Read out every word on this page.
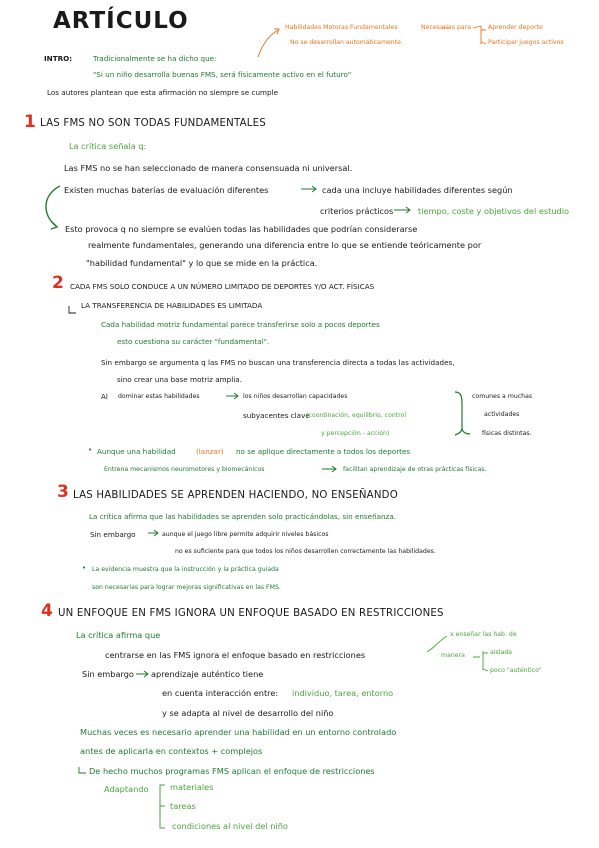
ARTÍCULO	Habilidades Motoras Fundamentales	Necesarias para	Aprender deporte
Participar juegos activos
No se desarrollan automáticamente.
INTRO:	Tradicionalmente se ha dicho que:
"Si un niño desarrolla buenas FMS, será físicamente activo en el futuro"
Los autores plantean que esta afirmación no siempre se cumple
1 LAS FMS NO SON TODAS FUNDAMENTALES
La crítica señala q:
Las FMS no se han seleccionado de manera consensuada ni universal.
Existen muchas baterías de evaluación diferentes	cada una incluye habilidades diferentes según
criterios prácticos	tiempo, coste y objetivos del estudio
Esto provoca q no siempre se evalúen todas las habilidades que podrían considerarse
realmente fundamentales, generando una diferencia entre lo que se entiende teóricamente por
"habilidad fundamental" y lo que se mide en la práctica.
2 CADA FMS SOLO CONDUCE A UN NÚMERO LIMITADO DE DEPORTES Y/O ACT. FÍSICAS
LA TRANSFERENCIA DE HABILIDADES ES LIMITADA
Cada habilidad motriz fundamental parece transferirse solo a pocos deportes
esto cuestiona su carácter "fundamental".
Sin embargo se argumenta q las FMS no buscan una transferencia directa a todas las actividades,
sino crear una base motriz amplia.
Al dominar estas habilidades	los niños desarrollan capacidades
subyacentes clave
(coordinación, equilibrio, control
y percepción - acción)
comunes a muchas
actividades
físicas distintas.
• Aunque una habilidad	(lanzar) no se aplique directamente a todos los deportes
Entrena mecanismos neuromotores y biomecánicos	facilitan aprendizaje de otras prácticas físicas.
3 LAS HABILIDADES SE APRENDEN HACIENDO, NO ENSEÑANDO
La crítica afirma que las habilidades se aprenden solo practicándolas, sin enseñanza.
Sin embargo	aunque el juego libre permite adquirir niveles básicos
no es suficiente para que todos los niños desarrollen correctamente las habilidades.
• La evidencia muestra que la instrucción y la práctica guiada
son necesarias para lograr mejoras significativas en las FMS.
4 UN ENFOQUE EN FMS IGNORA UN ENFOQUE BASADO EN RESTRICCIONES
La crítica afirma que
centrarse en las FMS ignora el enfoque basado en restricciones
x enseñar las hab. de
manera	aislada
poco "auténtico"
Sin embargo aprendizaje auténtico tiene
en cuenta interacción entre: individuo, tarea, entorno
y se adapta al nivel de desarrollo del niño
Muchas veces es necesario aprender una habilidad en un entorno controlado
antes de aplicarla en contextos + complejos
De hecho muchos programas FMS aplican el enfoque de restricciones
Adaptando	materiales
tareas
condiciones al nivel del niño
